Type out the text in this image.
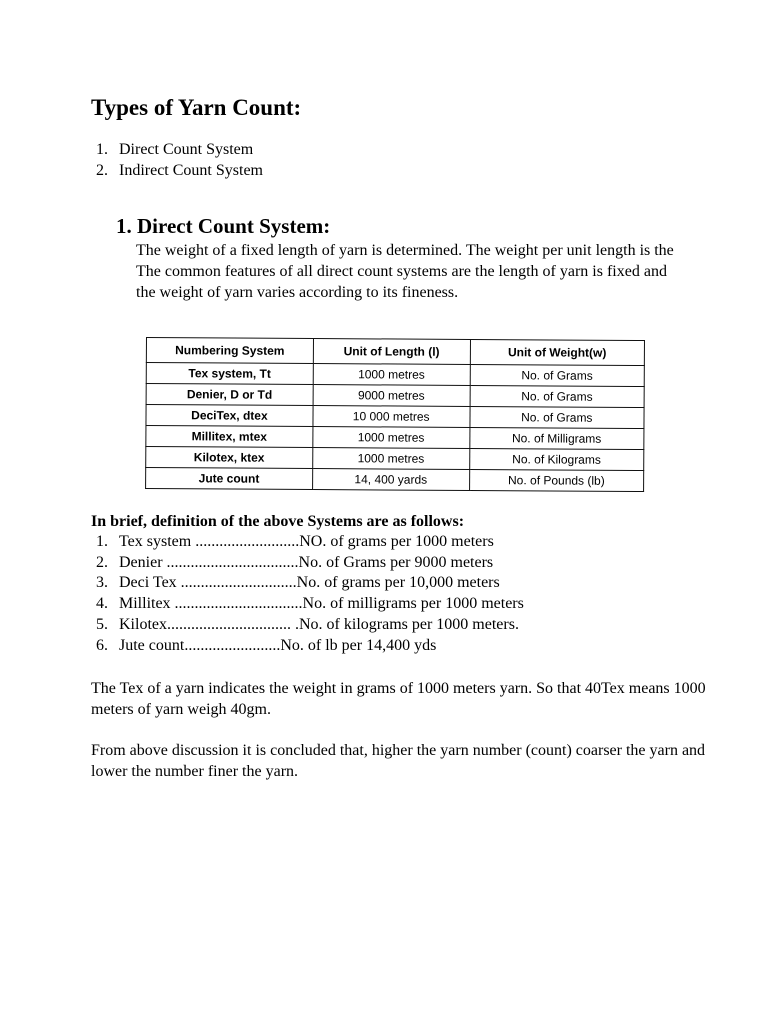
Types of Yarn Count:
1. Direct Count System
2. Indirect Count System
1. Direct Count System:

The weight of a fixed length of yarn is determined. The weight per unit length is the The common features of all direct count systems are the length of yarn is fixed and the weight of yarn varies according to its fineness.

Numbering System	Unit of Length (l)	Unit of Weight(w)
Tex system, Tt	1000 metres	No. of Grams
Denier, D or Td	9000 metres	No. of Grams
DeciTex, dtex	10 000 metres	No. of Grams
Millitex, mtex	1000 metres	No. of Milligrams
Kilotex, ktex	1000 metres	No. of Kilograms
Jute count	14, 400 yards	No. of Pounds (lb)

In brief, definition of the above Systems are as follows:

1. Tex system ..........................NO. of grams per 1000 meters
2. Denier .................................No. of Grams per 9000 meters
3. Deci Tex .............................No. of grams per 10,000 meters
4. Millitex ................................No. of milligrams per 1000 meters
5. Kilotex............................... .No. of kilograms per 1000 meters.
6. Jute count........................No. of lb per 14,400 yds

The Tex of a yarn indicates the weight in grams of 1000 meters yarn. So that 40Tex means 1000 meters of yarn weigh 40gm.

From above discussion it is concluded that, higher the yarn number (count) coarser the yarn and lower the number finer the yarn.
